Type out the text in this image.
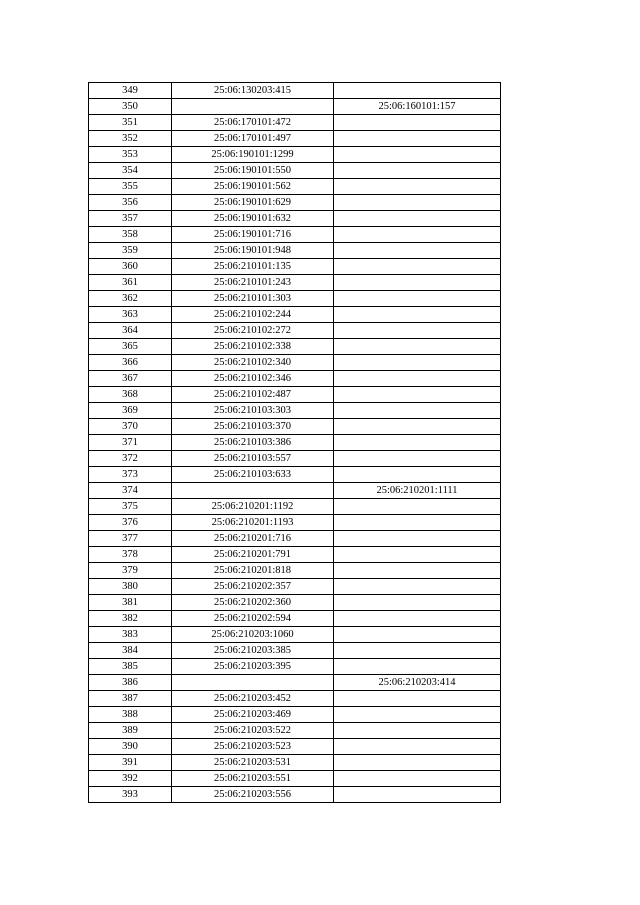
349	25:06:130203:415	
350		25:06:160101:157
351	25:06:170101:472	
352	25:06:170101:497	
353	25:06:190101:1299	
354	25:06:190101:550	
355	25:06:190101:562	
356	25:06:190101:629	
357	25:06:190101:632	
358	25:06:190101:716	
359	25:06:190101:948	
360	25:06:210101:135	
361	25:06:210101:243	
362	25:06:210101:303	
363	25:06:210102:244	
364	25:06:210102:272	
365	25:06:210102:338	
366	25:06:210102:340	
367	25:06:210102:346	
368	25:06:210102:487	
369	25:06:210103:303	
370	25:06:210103:370	
371	25:06:210103:386	
372	25:06:210103:557	
373	25:06:210103:633	
374		25:06:210201:1111
375	25:06:210201:1192	
376	25:06:210201:1193	
377	25:06:210201:716	
378	25:06:210201:791	
379	25:06:210201:818	
380	25:06:210202:357	
381	25:06:210202:360	
382	25:06:210202:594	
383	25:06:210203:1060	
384	25:06:210203:385	
385	25:06:210203:395	
386		25:06:210203:414
387	25:06:210203:452	
388	25:06:210203:469	
389	25:06:210203:522	
390	25:06:210203:523	
391	25:06:210203:531	
392	25:06:210203:551	
393	25:06:210203:556	
